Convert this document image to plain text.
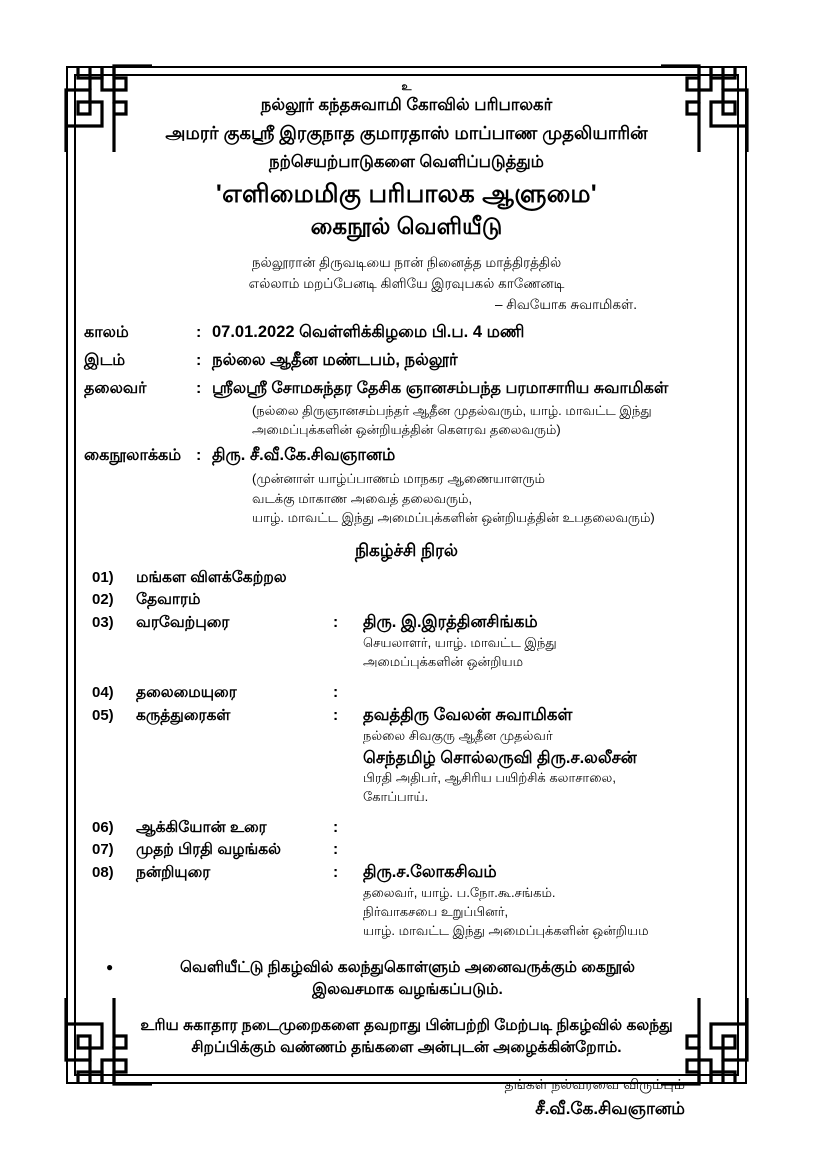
உ
நல்லூர் கந்தசுவாமி கோவில் பரிபாலகர்
அமரர் குகஸ்ரீ இரகுநாத குமாரதாஸ் மாப்பாண முதலியாரின்
நற்செயற்பாடுகளை வெளிப்படுத்தும்
'எளிமைமிகு பரிபாலக ஆளுமை'
கைநூல் வெளியீடு
நல்லூரான் திருவடியை நான் நினைத்த மாத்திரத்தில்
எல்லாம் மறப்பேனடி கிளியே இரவுபகல் காணேனடி
– சிவயோக சுவாமிகள்.
காலம்	: 07.01.2022 வெள்ளிக்கிழமை பி.ப. 4 மணி
இடம்	: நல்லை ஆதீன மண்டபம், நல்லூர்
தலைவர்	: ஸ்ரீலஸ்ரீ சோமசுந்தர தேசிக ஞானசம்பந்த பரமாசாரிய சுவாமிகள்
(நல்லை திருஞானசம்பந்தர் ஆதீன முதல்வரும், யாழ். மாவட்ட இந்து
அமைப்புக்களின் ஒன்றியத்தின் கௌரவ தலைவரும்)
கைநூலாக்கம் : திரு. சீ.வீ.கே.சிவஞானம்
(முன்னாள் யாழ்ப்பாணம் மாநகர ஆணையாளரும்
வடக்கு மாகாண அவைத் தலைவரும்,
யாழ். மாவட்ட இந்து அமைப்புக்களின் ஒன்றியத்தின் உபதலைவரும்)
நிகழ்ச்சி நிரல்
01)	மங்கள விளக்கேற்றல
02)	தேவாரம்
03)	வரவேற்புரை	:	திரு. இ.இரத்தினசிங்கம்
செயலாளர், யாழ். மாவட்ட இந்து
அமைப்புக்களின் ஒன்றியம
04)	தலைமையுரை	:
05)	கருத்துரைகள்	:	தவத்திரு வேலன் சுவாமிகள்
நல்லை சிவகுரு ஆதீன முதல்வர்
செந்தமிழ் சொல்லருவி திரு.ச.லலீசன்
பிரதி அதிபர், ஆசிரிய பயிற்சிக் கலாசாலை,
கோப்பாய்.
06)	ஆக்கியோன் உரை	:
07)	முதற் பிரதி வழங்கல்	:
08)	நன்றியுரை	:	திரு.ச.லோகசிவம்
தலைவர், யாழ். ப.நோ.கூ.சங்கம்.
நிர்வாகசபை உறுப்பினர்,
யாழ். மாவட்ட இந்து அமைப்புக்களின் ஒன்றியம
●	வெளியீட்டு நிகழ்வில் கலந்துகொள்ளும் அனைவருக்கும் கைநூல்
இலவசமாக வழங்கப்படும்.
உரிய சுகாதார நடைமுறைகளை தவறாது பின்பற்றி மேற்படி நிகழ்வில் கலந்து
சிறப்பிக்கும் வண்ணம் தங்களை அன்புடன் அழைக்கின்றோம்.
தங்கள் நல்வரவை விரும்பும்
சீ.வீ.கே.சிவஞானம்
